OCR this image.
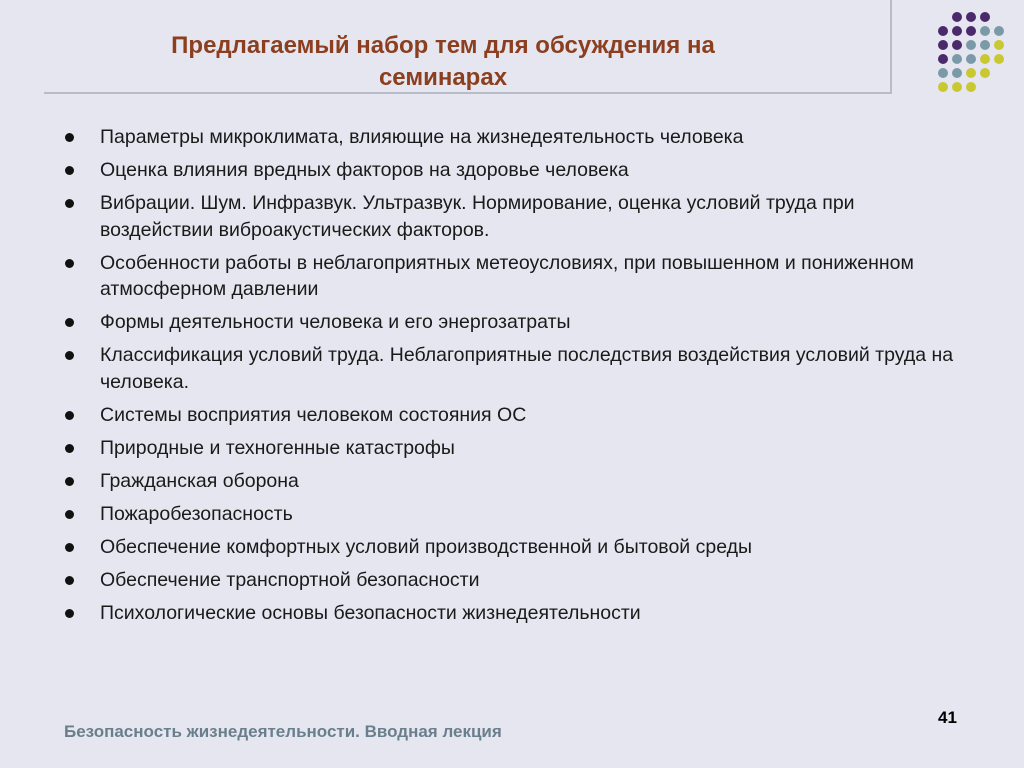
Предлагаемый набор тем для обсуждения на
семинарах
Параметры микроклимата, влияющие на жизнедеятельность человека
Оценка влияния вредных факторов на здоровье человека
Вибрации. Шум. Инфразвук. Ультразвук. Нормирование, оценка условий труда при воздействии виброакустических факторов.
Особенности работы в неблагоприятных метеоусловиях, при повышенном и пониженном атмосферном давлении
Формы деятельности человека и его энергозатраты
Классификация условий труда. Неблагоприятные последствия воздействия условий труда на человека.
Системы восприятия человеком состояния ОС
Природные и техногенные катастрофы
Гражданская оборона
Пожаробезопасность
Обеспечение комфортных условий производственной и бытовой среды
Обеспечение транспортной безопасности
Психологические основы безопасности жизнедеятельности
Безопасность жизнедеятельности. Вводная лекция
41
